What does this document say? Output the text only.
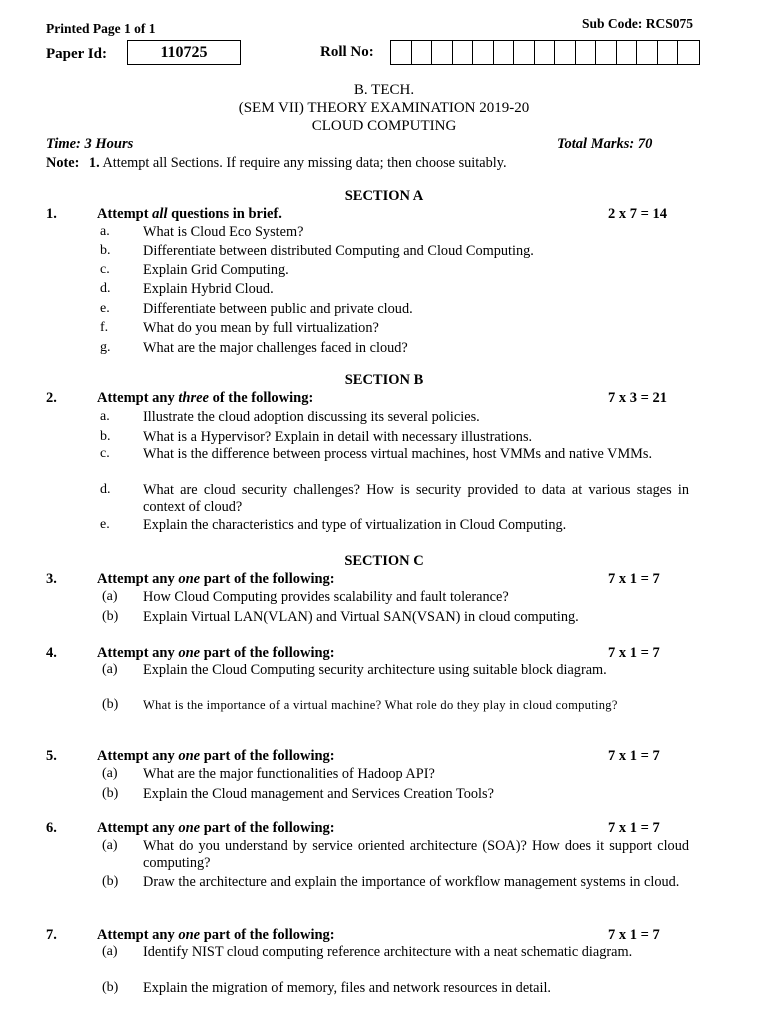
Printed Page 1 of 1	Sub Code: RCS075
Paper Id:	110725	Roll No:
B. TECH.
(SEM VII) THEORY EXAMINATION 2019-20
CLOUD COMPUTING
Time: 3 Hours	Total Marks: 70
Note: 1. Attempt all Sections. If require any missing data; then choose suitably.
SECTION A
1.	Attempt all questions in brief.	2 x 7 = 14
a.	What is Cloud Eco System?
b.	Differentiate between distributed Computing and Cloud Computing.
c.	Explain Grid Computing.
d.	Explain Hybrid Cloud.
e.	Differentiate between public and private cloud.
f.	What do you mean by full virtualization?
g.	What are the major challenges faced in cloud?
SECTION B
2.	Attempt any three of the following:	7 x 3 = 21
a.	Illustrate the cloud adoption discussing its several policies.
b.	What is a Hypervisor? Explain in detail with necessary illustrations.
c.	What is the difference between process virtual machines, host VMMs and native VMMs.
d.	What are cloud security challenges? How is security provided to data at various stages in context of cloud?
e.	Explain the characteristics and type of virtualization in Cloud Computing.
SECTION C
3.	Attempt any one part of the following:	7 x 1 = 7
(a)	How Cloud Computing provides scalability and fault tolerance?
(b)	Explain Virtual LAN(VLAN) and Virtual SAN(VSAN) in cloud computing.
4.	Attempt any one part of the following:	7 x 1 = 7
(a)	Explain the Cloud Computing security architecture using suitable block diagram.
(b)	What is the importance of a virtual machine? What role do they play in cloud computing?
5.	Attempt any one part of the following:	7 x 1 = 7
(a)	What are the major functionalities of Hadoop API?
(b)	Explain the Cloud management and Services Creation Tools?
6.	Attempt any one part of the following:	7 x 1 = 7
(a)	What do you understand by service oriented architecture (SOA)? How does it support cloud computing?
(b)	Draw the architecture and explain the importance of workflow management systems in cloud.
7.	Attempt any one part of the following:	7 x 1 = 7
(a)	Identify NIST cloud computing reference architecture with a neat schematic diagram.
(b)	Explain the migration of memory, files and network resources in detail.
